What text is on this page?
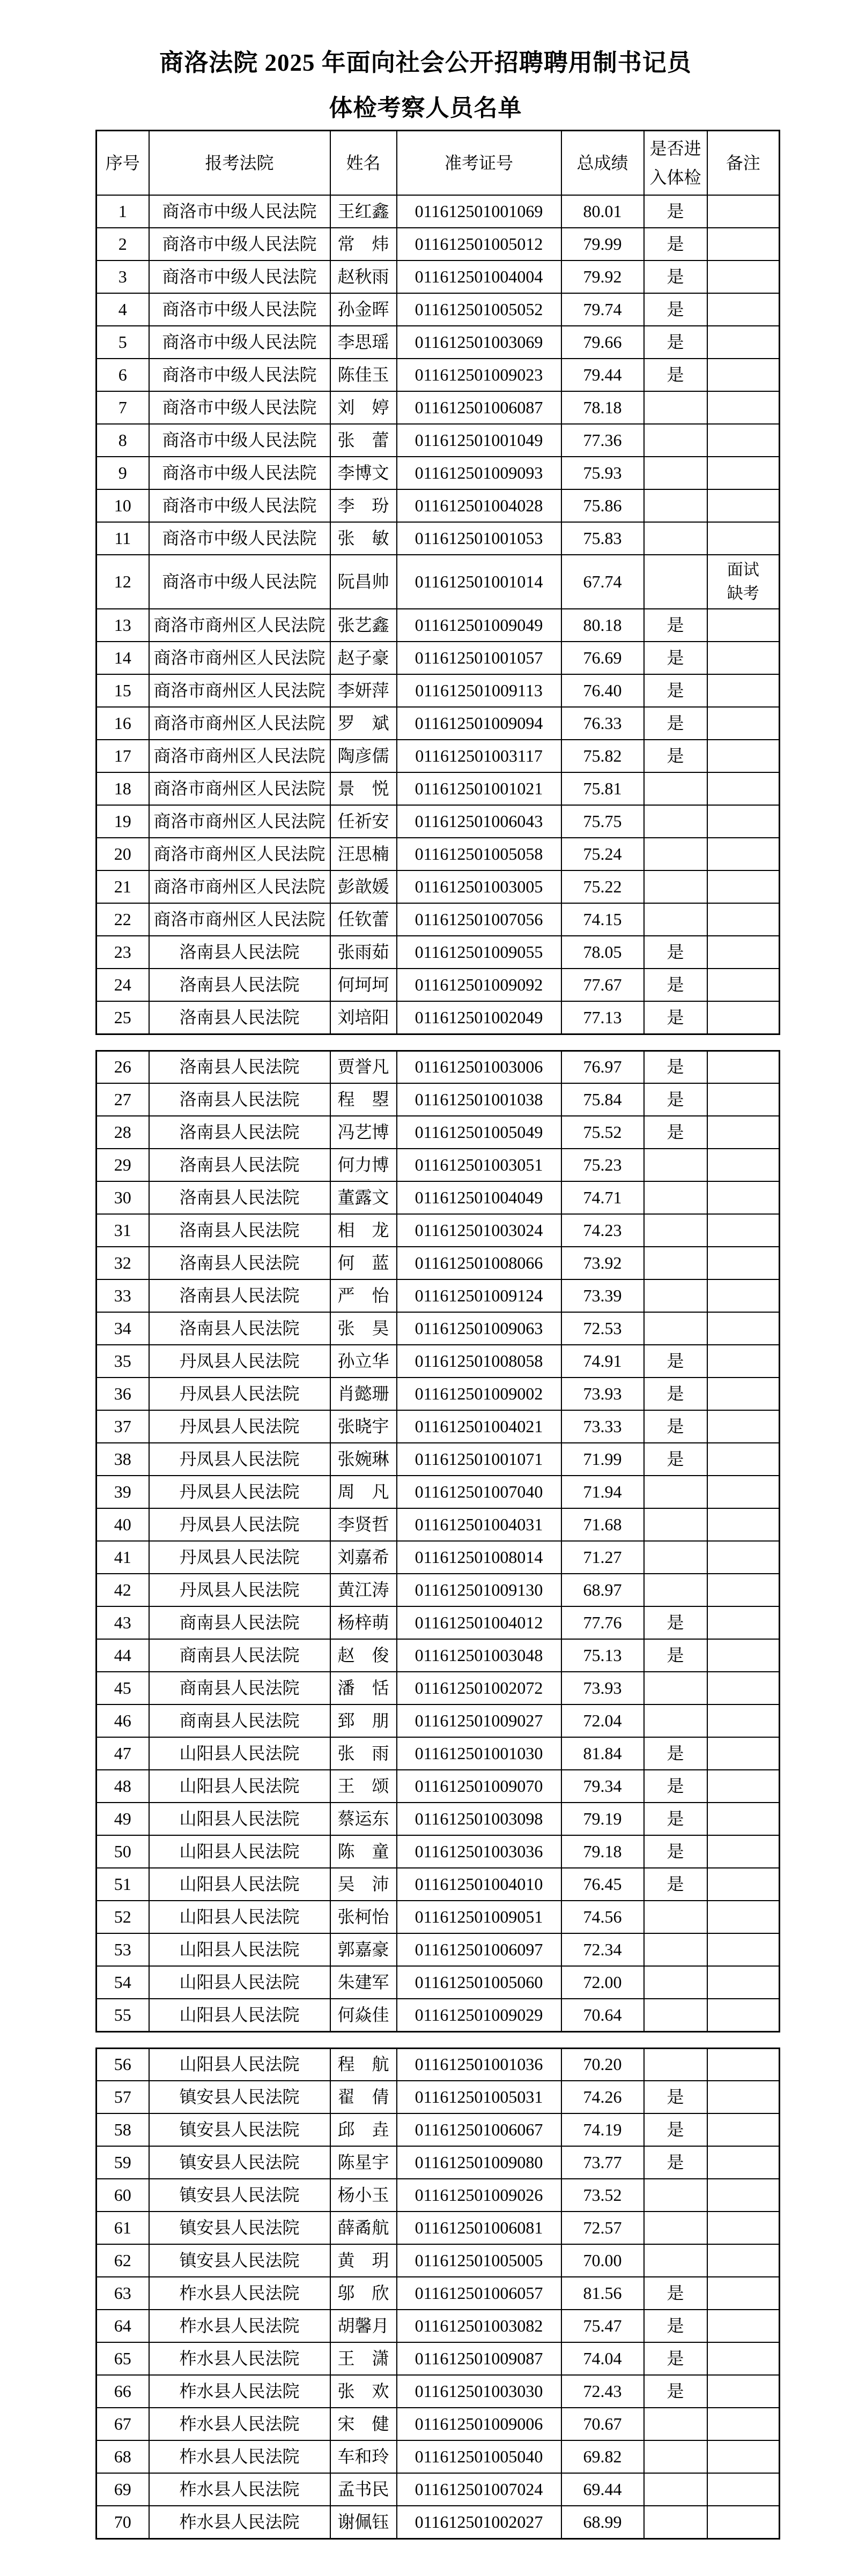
商洛法院 2025 年面向社会公开招聘聘用制书记员
体检考察人员名单
序号	报考法院	姓名	准考证号	总成绩	是否进
入体检	备注
1	商洛市中级人民法院	王红鑫	011612501001069	80.01	是	
2	商洛市中级人民法院	常　炜	011612501005012	79.99	是	
3	商洛市中级人民法院	赵秋雨	011612501004004	79.92	是	
4	商洛市中级人民法院	孙金晖	011612501005052	79.74	是	
5	商洛市中级人民法院	李思瑶	011612501003069	79.66	是	
6	商洛市中级人民法院	陈佳玉	011612501009023	79.44	是	
7	商洛市中级人民法院	刘　婷	011612501006087	78.18		
8	商洛市中级人民法院	张　蕾	011612501001049	77.36		
9	商洛市中级人民法院	李博文	011612501009093	75.93		
10	商洛市中级人民法院	李　玢	011612501004028	75.86		
11	商洛市中级人民法院	张　敏	011612501001053	75.83		
12	商洛市中级人民法院	阮昌帅	011612501001014	67.74		面试缺考
13	商洛市商州区人民法院	张艺鑫	011612501009049	80.18	是	
14	商洛市商州区人民法院	赵子豪	011612501001057	76.69	是	
15	商洛市商州区人民法院	李妍萍	011612501009113	76.40	是	
16	商洛市商州区人民法院	罗　斌	011612501009094	76.33	是	
17	商洛市商州区人民法院	陶彦儒	011612501003117	75.82	是	
18	商洛市商州区人民法院	景　悦	011612501001021	75.81		
19	商洛市商州区人民法院	任祈安	011612501006043	75.75		
20	商洛市商州区人民法院	汪思楠	011612501005058	75.24		
21	商洛市商州区人民法院	彭歆媛	011612501003005	75.22		
22	商洛市商州区人民法院	任钦蕾	011612501007056	74.15		
23	洛南县人民法院	张雨茹	011612501009055	78.05	是	
24	洛南县人民法院	何坷坷	011612501009092	77.67	是	
25	洛南县人民法院	刘培阳	011612501002049	77.13	是	
26	洛南县人民法院	贾誉凡	011612501003006	76.97	是	
27	洛南县人民法院	程　曌	011612501001038	75.84	是	
28	洛南县人民法院	冯艺博	011612501005049	75.52	是	
29	洛南县人民法院	何力博	011612501003051	75.23		
30	洛南县人民法院	董露文	011612501004049	74.71		
31	洛南县人民法院	相　龙	011612501003024	74.23		
32	洛南县人民法院	何　蓝	011612501008066	73.92		
33	洛南县人民法院	严　怡	011612501009124	73.39		
34	洛南县人民法院	张　昊	011612501009063	72.53		
35	丹凤县人民法院	孙立华	011612501008058	74.91	是	
36	丹凤县人民法院	肖懿珊	011612501009002	73.93	是	
37	丹凤县人民法院	张晓宇	011612501004021	73.33	是	
38	丹凤县人民法院	张婉琳	011612501001071	71.99	是	
39	丹凤县人民法院	周　凡	011612501007040	71.94		
40	丹凤县人民法院	李贤哲	011612501004031	71.68		
41	丹凤县人民法院	刘嘉希	011612501008014	71.27		
42	丹凤县人民法院	黄江涛	011612501009130	68.97		
43	商南县人民法院	杨梓萌	011612501004012	77.76	是	
44	商南县人民法院	赵　俊	011612501003048	75.13	是	
45	商南县人民法院	潘　恬	011612501002072	73.93		
46	商南县人民法院	郅　朋	011612501009027	72.04		
47	山阳县人民法院	张　雨	011612501001030	81.84	是	
48	山阳县人民法院	王　颂	011612501009070	79.34	是	
49	山阳县人民法院	蔡运东	011612501003098	79.19	是	
50	山阳县人民法院	陈　童	011612501003036	79.18	是	
51	山阳县人民法院	吴　沛	011612501004010	76.45	是	
52	山阳县人民法院	张柯怡	011612501009051	74.56		
53	山阳县人民法院	郭嘉豪	011612501006097	72.34		
54	山阳县人民法院	朱建军	011612501005060	72.00		
55	山阳县人民法院	何焱佳	011612501009029	70.64		
56	山阳县人民法院	程　航	011612501001036	70.20		
57	镇安县人民法院	翟　倩	011612501005031	74.26	是	
58	镇安县人民法院	邱　垚	011612501006067	74.19	是	
59	镇安县人民法院	陈星宇	011612501009080	73.77	是	
60	镇安县人民法院	杨小玉	011612501009026	73.52		
61	镇安县人民法院	薛矞航	011612501006081	72.57		
62	镇安县人民法院	黄　玥	011612501005005	70.00		
63	柞水县人民法院	邬　欣	011612501006057	81.56	是	
64	柞水县人民法院	胡馨月	011612501003082	75.47	是	
65	柞水县人民法院	王　潇	011612501009087	74.04	是	
66	柞水县人民法院	张　欢	011612501003030	72.43	是	
67	柞水县人民法院	宋　健	011612501009006	70.67		
68	柞水县人民法院	车和玲	011612501005040	69.82		
69	柞水县人民法院	孟书民	011612501007024	69.44		
70	柞水县人民法院	谢佩钰	011612501002027	68.99		
